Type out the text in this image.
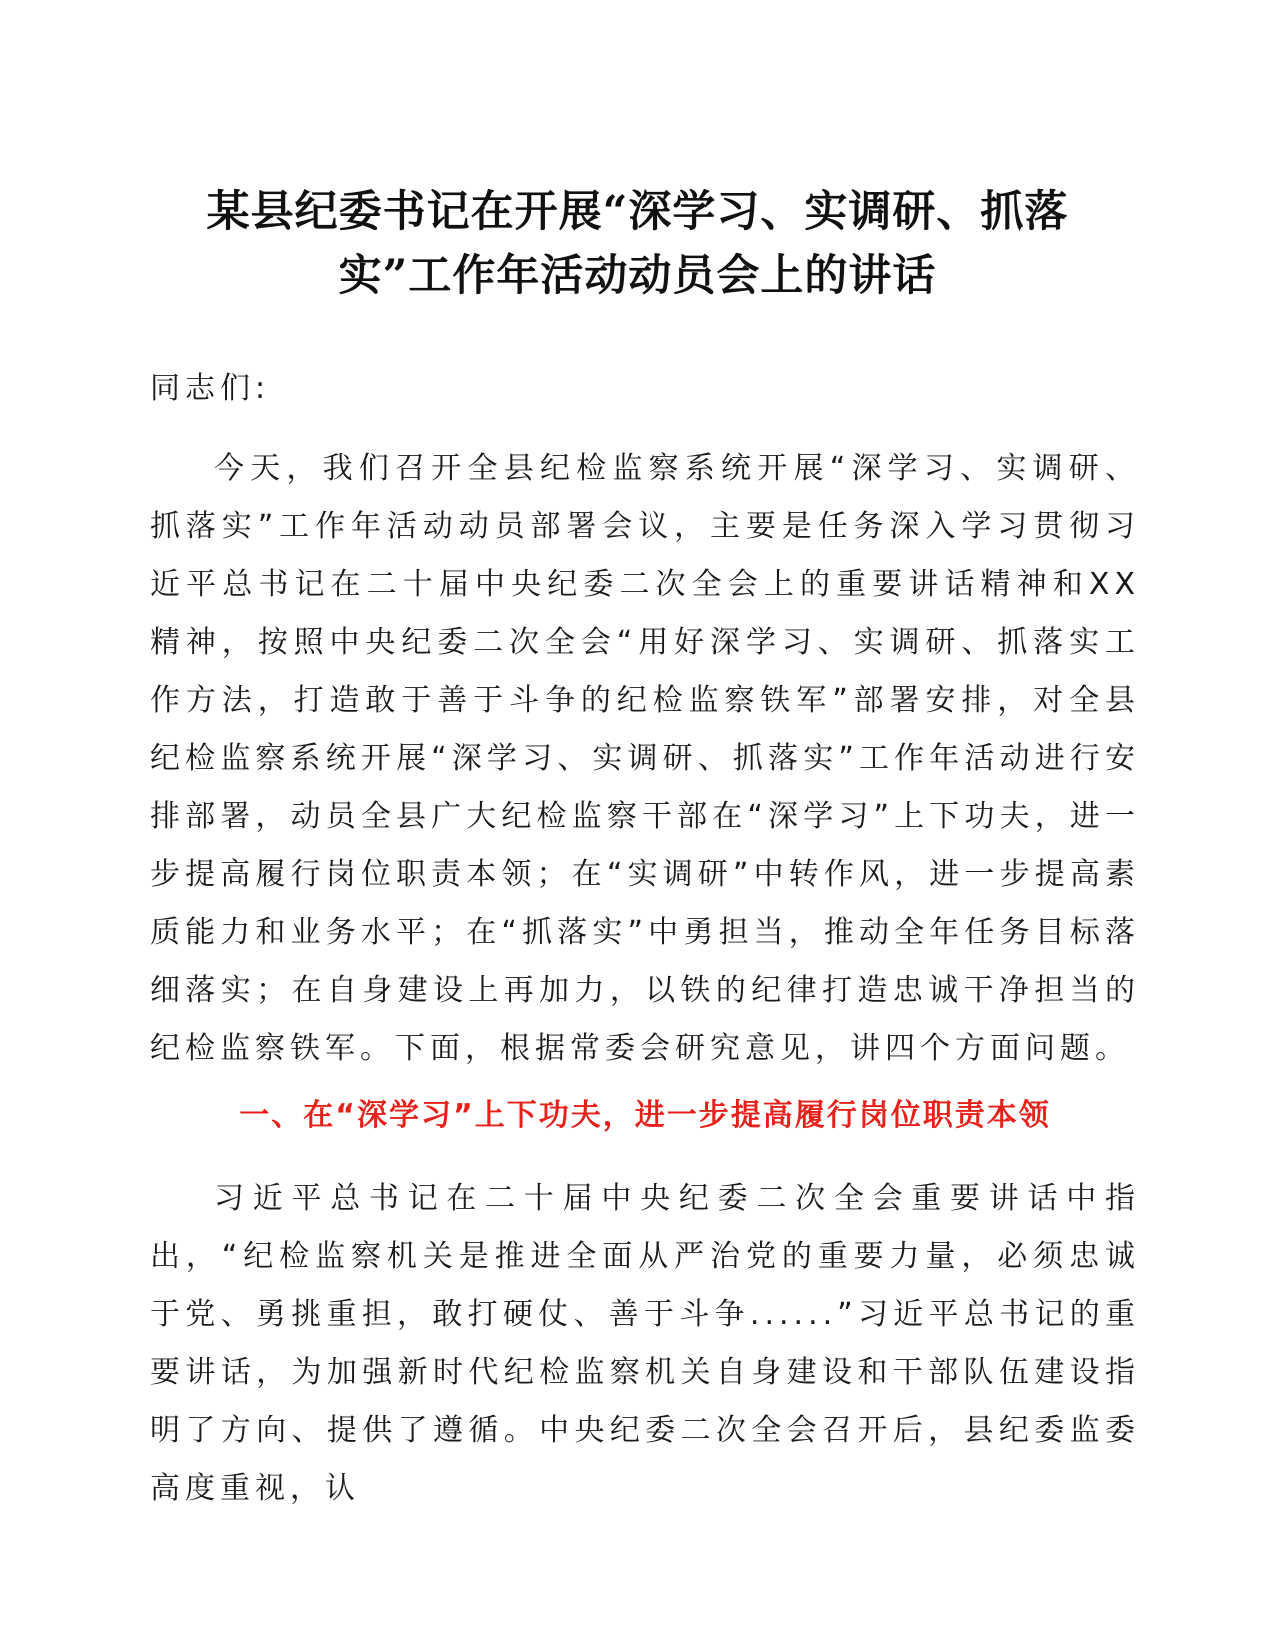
某县纪委书记在开展“深学习、实调研、抓落
实”工作年活动动员会上的讲话

同志们:

今天，我们召开全县纪检监察系统开展“深学习、实调研、抓落实”工作年活动动员部署会议，主要是任务深入学习贯彻习近平总书记在二十届中央纪委二次全会上的重要讲话精神和XX精神，按照中央纪委二次全会“用好深学习、实调研、抓落实工作方法，打造敢于善于斗争的纪检监察铁军”部署安排，对全县纪检监察系统开展“深学习、实调研、抓落实”工作年活动进行安排部署，动员全县广大纪检监察干部在“深学习”上下功夫，进一步提高履行岗位职责本领；在“实调研”中转作风，进一步提高素质能力和业务水平；在“抓落实”中勇担当，推动全年任务目标落细落实；在自身建设上再加力，以铁的纪律打造忠诚干净担当的纪检监察铁军。下面，根据常委会研究意见，讲四个方面问题。

一、在“深学习”上下功夫，进一步提高履行岗位职责本领

习近平总书记在二十届中央纪委二次全会重要讲话中指出，“纪检监察机关是推进全面从严治党的重要力量，必须忠诚于党、勇挑重担，敢打硬仗、善于斗争......”习近平总书记的重要讲话，为加强新时代纪检监察机关自身建设和干部队伍建设指明了方向、提供了遵循。中央纪委二次全会召开后，县纪委监委高度重视，认
